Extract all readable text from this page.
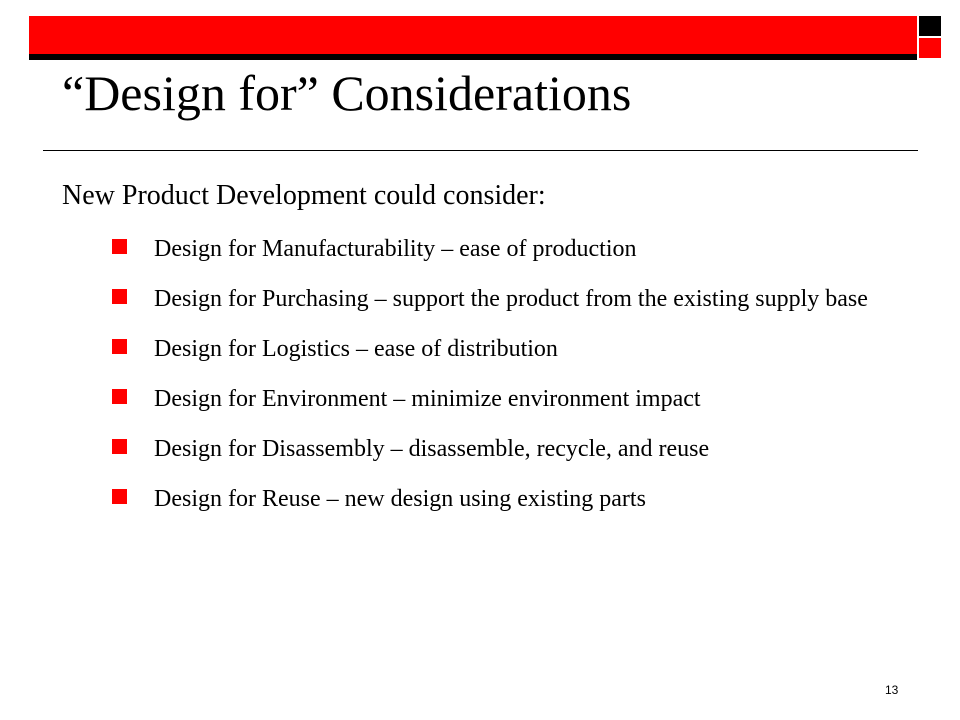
“Design for” Considerations
New Product Development could consider:
Design for Manufacturability – ease of production
Design for Purchasing – support the product from the existing supply base
Design for Logistics – ease of distribution
Design for Environment – minimize environment impact
Design for Disassembly – disassemble, recycle, and reuse
Design for Reuse – new design using existing parts
13
